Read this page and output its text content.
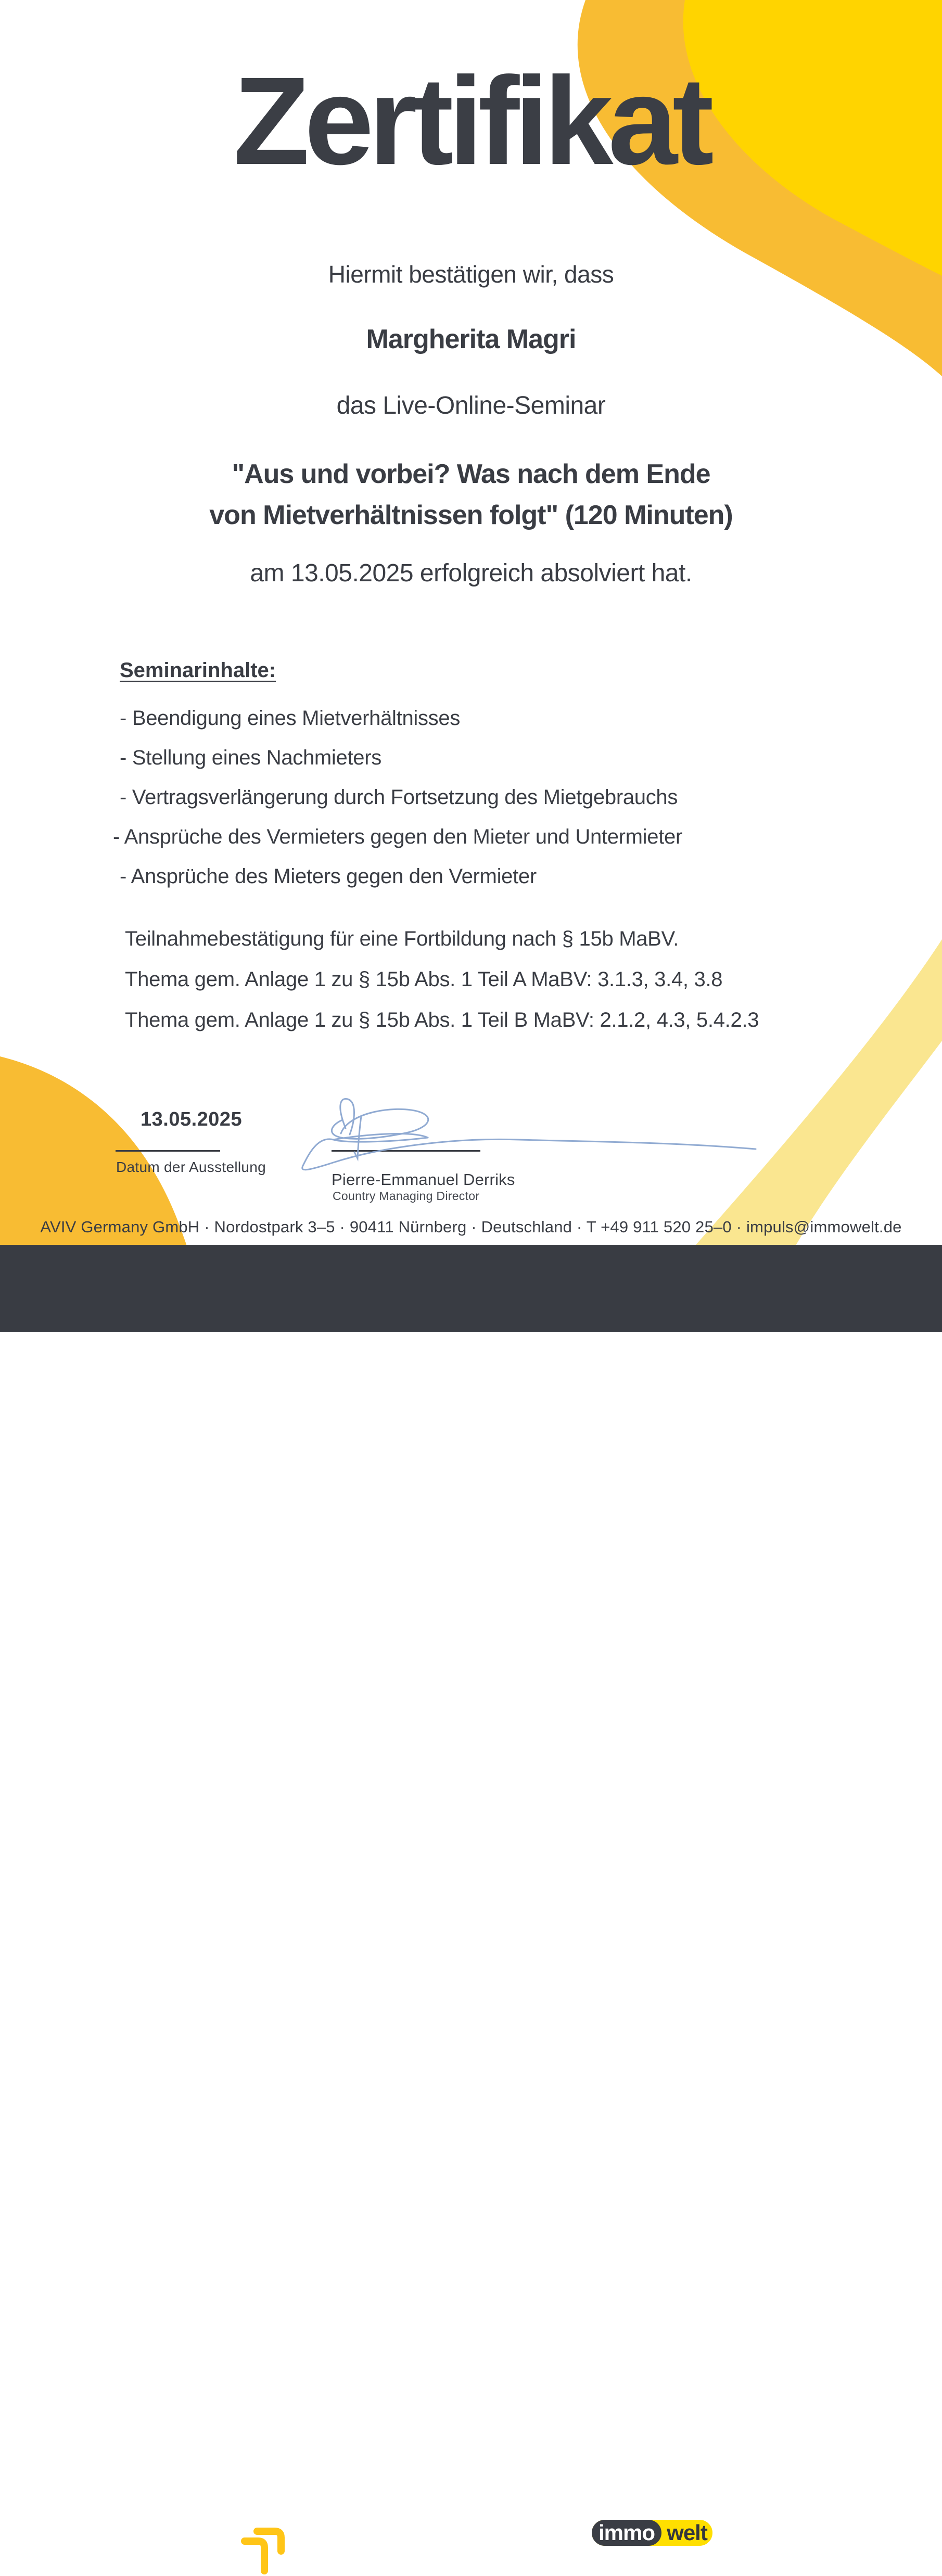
Zertifikat
Hiermit bestätigen wir, dass
Margherita Magri
das Live-Online-Seminar
"Aus und vorbei? Was nach dem Ende
von Mietverhältnissen folgt" (120 Minuten)
am 13.05.2025 erfolgreich absolviert hat.
Seminarinhalte:
- Beendigung eines Mietverhältnisses
- Stellung eines Nachmieters
- Vertragsverlängerung durch Fortsetzung des Mietgebrauchs
- Ansprüche des Vermieters gegen den Mieter und Untermieter
- Ansprüche des Mieters gegen den Vermieter
Teilnahmebestätigung für eine Fortbildung nach § 15b MaBV.
Thema gem. Anlage 1 zu § 15b Abs. 1 Teil A MaBV: 3.1.3, 3.4, 3.8
Thema gem. Anlage 1 zu § 15b Abs. 1 Teil B MaBV: 2.1.2, 4.3, 5.4.2.3
13.05.2025
Datum der Ausstellung
Pierre-Emmanuel Derriks
Country Managing Director
AVIV Germany GmbH · Nordostpark 3–5 · 90411 Nürnberg · Deutschland · T +49 911 520 25–0 · impuls@immowelt.de
immowelt
impuls Ein Service von immo welt
